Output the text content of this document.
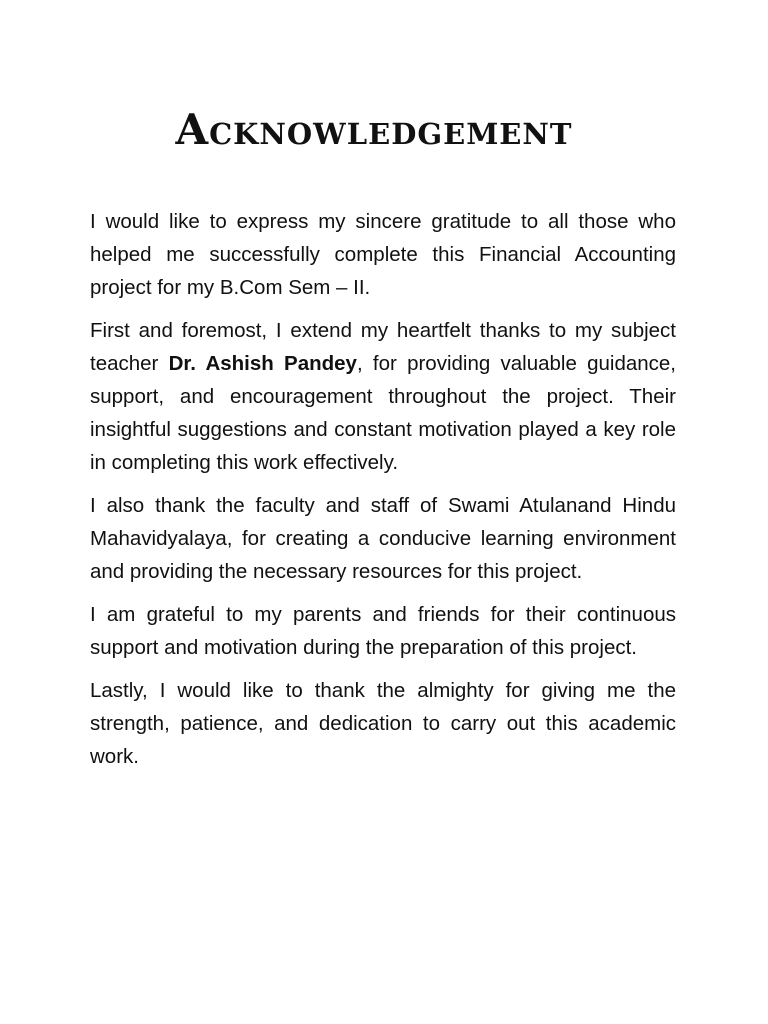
Acknowledgement

I would like to express my sincere gratitude to all those who helped me successfully complete this Financial Accounting project for my B.Com Sem – II.

First and foremost, I extend my heartfelt thanks to my subject teacher Dr. Ashish Pandey, for providing valuable guidance, support, and encouragement throughout the project. Their insightful suggestions and constant motivation played a key role in completing this work effectively.

I also thank the faculty and staff of Swami Atulanand Hindu Mahavidyalaya, for creating a conducive learning environment and providing the necessary resources for this project.

I am grateful to my parents and friends for their continuous support and motivation during the preparation of this project.

Lastly, I would like to thank the almighty for giving me the strength, patience, and dedication to carry out this academic work.
